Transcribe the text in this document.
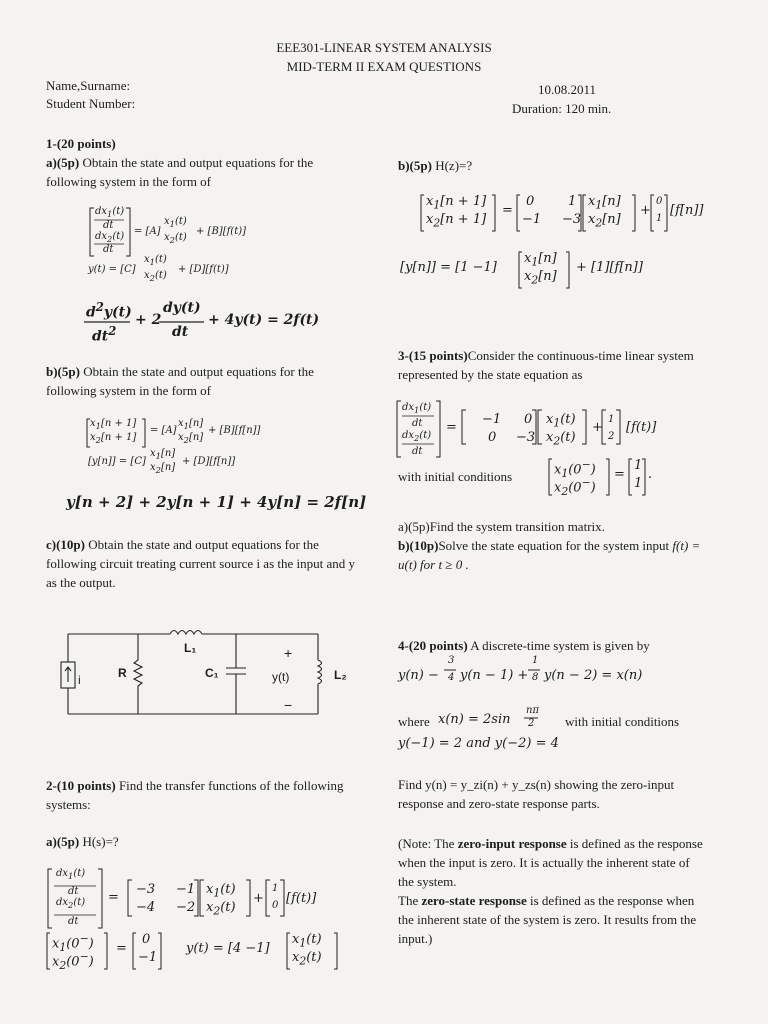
EEE301-LINEAR SYSTEM ANALYSIS
MID-TERM II EXAM QUESTIONS
Name,Surname:
Student Number:
10.08.2011
Duration: 120 min.
1-(20 points)
a)(5p) Obtain the state and output equations for the following system in the form of
$dx_1(t)$
dt
$dx_2(t)$
dt
= [A]
$x_1(t)$
$x_2(t)$
+ [B][f(t)]
y(t) = [C]
$x_1(t)$
$x_2(t)$
+ [D][f(t)]
$d^2y(t)$
$dt^2$
+ 2
dy(t)
dt
+ 4y(t) = 2f(t)
b)(5p) Obtain the state and output equations for the following system in the form of
$x_1[n + 1]$
$x_2[n + 1]$
= [A]
$x_1[n]$
$x_2[n]$
+ [B][f[n]]
[y[n]] = [C]
$x_1[n]$
$x_2[n]$
+ [D][f[n]]
y[n + 2] + 2y[n + 1] + 4y[n] = 2f[n]
c)(10p) Obtain the state and output equations for the following circuit treating current source i as the input and y as the output.
i	R
L₁
C₁
+
y(t)
−
L₂
2-(10 points) Find the transfer functions of the following systems:
a)(5p) H(s)=?
$dx_1(t)$
dt
$dx_2(t)$
dt
=
−3
−4
−1
−2
$x_1(t)$
$x_2(t)$
+
1
0 [f(t)]
$x_1(0^-)$
$x_2(0^-)$
=
0
−1
y(t) = [4 −1]
$x_1(t)$
$x_2(t)$
b)(5p) H(z)=?
$x_1[n + 1]$
$x_2[n + 1]$
=
0
−1
1
−3
$x_1[n]$
$x_2[n]$
+
0
1
[f[n]]
[y[n]] = [1 −1]
$x_1[n]$
$x_2[n]$
+ [1][f[n]]
3-(15 points)Consider the continuous-time linear system represented by the state equation as
$dx_1(t)$
dt
$dx_2(t)$
dt
=
−1
0
0
−3
$x_1(t)$
$x_2(t)$
+
1
2
[f(t)]
with initial conditions	$x_1(0^-)$
$x_2(0^-)$
=
1
1
.
a)(5p)Find the system transition matrix.
b)(10p)Solve the state equation for the system input f(t) = u(t) for t ≥ 0 .
4-(20 points) A discrete-time system is given by
y(n) −
3
4 y(n − 1) +
1
8 y(n − 2) = x(n)
where x(n) = 2sin
nπ
2 with initial conditions
y(−1) = 2 and y(−2) = 4
Find y(n) = y_zi(n) + y_zs(n) showing the zero-input response and zero-state response parts.
(Note: The zero-input response is defined as the response when the input is zero. It is actually the inherent state of the system.
The zero-state response is defined as the response when the inherent state of the system is zero. It results from the input.)
